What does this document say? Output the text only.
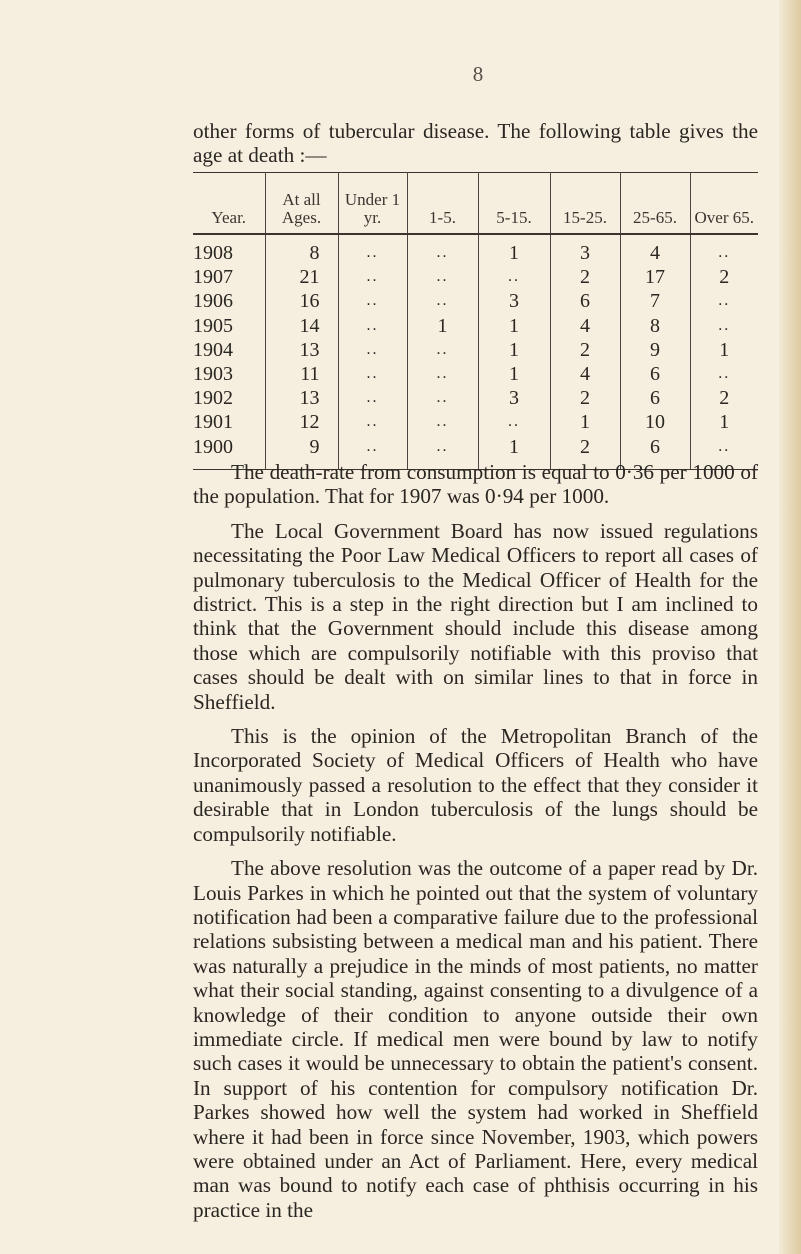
8

other forms of tubercular disease. The following table gives the age at death :—

Year.	At all Ages.	Under 1 yr.	1-5.	5-15.	15-25.	25-65.	Over 65.
1908	8	..	..	1	3	4	..
1907	21	..	..	..	2	17	2
1906	16	..	..	3	6	7	..
1905	14	..	1	1	4	8	..
1904	13	..	..	1	2	9	1
1903	11	..	..	1	4	6	..
1902	13	..	..	3	2	6	2
1901	12	..	..	..	1	10	1
1900	9	..	..	1	2	6	..

The death-rate from consumption is equal to 0·36 per 1000 of the population. That for 1907 was 0·94 per 1000.

The Local Government Board has now issued regulations necessitating the Poor Law Medical Officers to report all cases of pulmonary tuberculosis to the Medical Officer of Health for the district. This is a step in the right direction but I am inclined to think that the Government should include this disease among those which are compulsorily notifiable with this proviso that cases should be dealt with on similar lines to that in force in Sheffield.

This is the opinion of the Metropolitan Branch of the Incorporated Society of Medical Officers of Health who have unanimously passed a resolution to the effect that they consider it desirable that in London tuberculosis of the lungs should be compulsorily notifiable.

The above resolution was the outcome of a paper read by Dr. Louis Parkes in which he pointed out that the system of voluntary notification had been a comparative failure due to the professional relations subsisting between a medical man and his patient. There was naturally a prejudice in the minds of most patients, no matter what their social standing, against consenting to a divulgence of a knowledge of their condition to anyone outside their own immediate circle. If medical men were bound by law to notify such cases it would be unnecessary to obtain the patient's consent. In support of his contention for compulsory notification Dr. Parkes showed how well the system had worked in Sheffield where it had been in force since November, 1903, which powers were obtained under an Act of Parliament. Here, every medical man was bound to notify each case of phthisis occurring in his practice in the
